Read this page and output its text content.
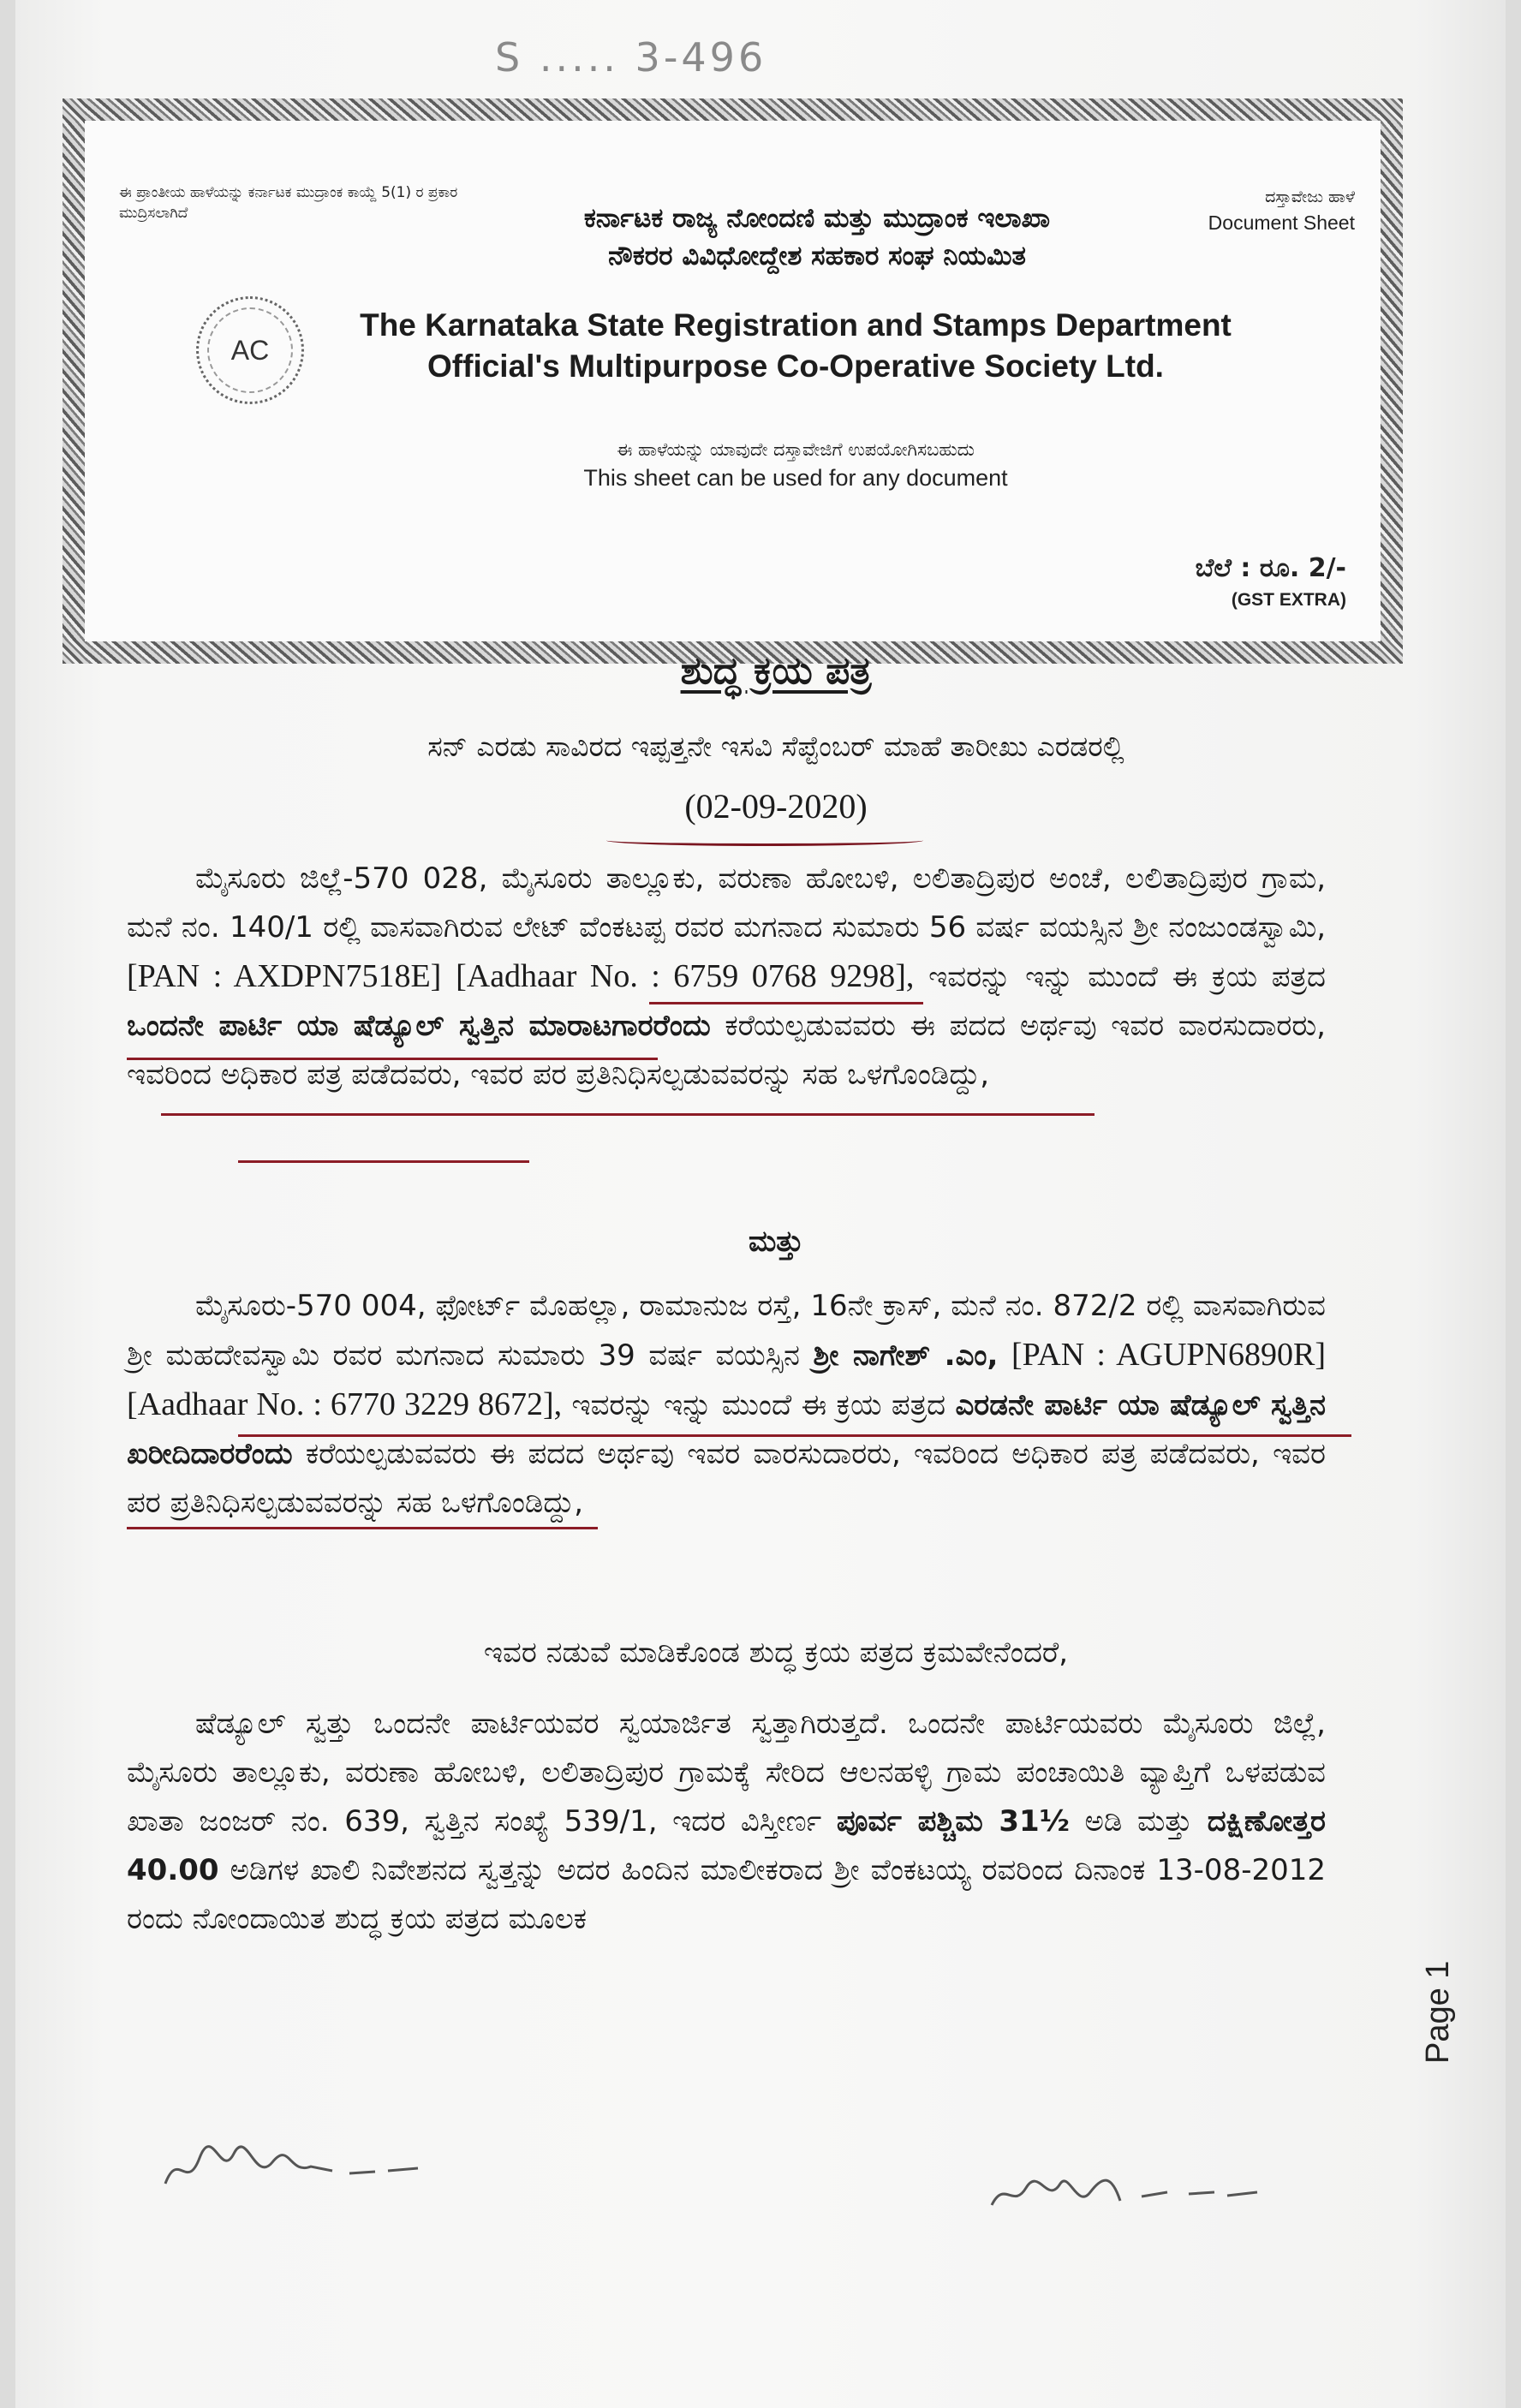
S ..... 3-496
ಈ ಪ್ರಾಂತೀಯ ಹಾಳೆಯನ್ನು ಕರ್ನಾಟಕ ಮುದ್ರಾಂಕ ಕಾಯ್ದೆ 5(1) ರ ಪ್ರಕಾರ ಮುದ್ರಿಸಲಾಗಿದೆ	ಕರ್ನಾಟಕ ರಾಜ್ಯ ನೋಂದಣಿ ಮತ್ತು ಮುದ್ರಾಂಕ ಇಲಾಖಾ
ನೌಕರರ ವಿವಿಧೋದ್ದೇಶ ಸಹಕಾರ ಸಂಘ ನಿಯಮಿತ
ದಸ್ತಾವೇಜು ಹಾಳೆ
Document Sheet
AC
The Karnataka State Registration and Stamps Department
Official's Multipurpose Co-Operative Society Ltd.
ಈ ಹಾಳೆಯನ್ನು ಯಾವುದೇ ದಸ್ತಾವೇಜಿಗೆ ಉಪಯೋಗಿಸಬಹುದು
This sheet can be used for any document
ಬೆಲೆ : ರೂ. 2/-
(GST EXTRA)
ಶುದ್ಧ ಕ್ರಯ ಪತ್ರ
ಸನ್ ಎರಡು ಸಾವಿರದ ಇಪ್ಪತ್ತನೇ ಇಸವಿ ಸೆಪ್ಟೆಂಬರ್ ಮಾಹೆ ತಾರೀಖು ಎರಡರಲ್ಲಿ
(02-09-2020)
ಮೈಸೂರು ಜಿಲ್ಲೆ-570 028, ಮೈಸೂರು ತಾಲ್ಲೂಕು, ವರುಣಾ ಹೋಬಳಿ, ಲಲಿತಾದ್ರಿಪುರ ಅಂಚೆ, ಲಲಿತಾದ್ರಿಪುರ ಗ್ರಾಮ, ಮನೆ ನಂ. 140/1 ರಲ್ಲಿ ವಾಸವಾಗಿರುವ ಲೇಟ್ ವೆಂಕಟಪ್ಪ ರವರ ಮಗನಾದ ಸುಮಾರು 56 ವರ್ಷ ವಯಸ್ಸಿನ ಶ್ರೀ ನಂಜುಂಡಸ್ವಾಮಿ, [PAN : AXDPN7518E] [Aadhaar No. : 6759 0768 9298], ಇವರನ್ನು ಇನ್ನು ಮುಂದೆ ಈ ಕ್ರಯ ಪತ್ರದ ಒಂದನೇ ಪಾರ್ಟಿ ಯಾ ಷೆಡ್ಯೂಲ್ ಸ್ವತ್ತಿನ ಮಾರಾಟಗಾರರೆಂದು ಕರೆಯಲ್ಪಡುವವರು ಈ ಪದದ ಅರ್ಥವು ಇವರ ವಾರಸುದಾರರು, ಇವರಿಂದ ಅಧಿಕಾರ ಪತ್ರ ಪಡೆದವರು, ಇವರ ಪರ ಪ್ರತಿನಿಧಿಸಲ್ಪಡುವವರನ್ನು ಸಹ ಒಳಗೊಂಡಿದ್ದು,
ಮತ್ತು
ಮೈಸೂರು-570 004, ಫೋರ್ಟ್ ಮೊಹಲ್ಲಾ, ರಾಮಾನುಜ ರಸ್ತೆ, 16ನೇ ಕ್ರಾಸ್, ಮನೆ ನಂ. 872/2 ರಲ್ಲಿ ವಾಸವಾಗಿರುವ ಶ್ರೀ ಮಹದೇವಸ್ವಾಮಿ ರವರ ಮಗನಾದ ಸುಮಾರು 39 ವರ್ಷ ವಯಸ್ಸಿನ ಶ್ರೀ ನಾಗೇಶ್ .ಎಂ, [PAN : AGUPN6890R] [Aadhaar No. : 6770 3229 8672], ಇವರನ್ನು ಇನ್ನು ಮುಂದೆ ಈ ಕ್ರಯ ಪತ್ರದ ಎರಡನೇ ಪಾರ್ಟಿ ಯಾ ಷೆಡ್ಯೂಲ್ ಸ್ವತ್ತಿನ ಖರೀದಿದಾರರೆಂದು ಕರೆಯಲ್ಪಡುವವರು ಈ ಪದದ ಅರ್ಥವು ಇವರ ವಾರಸುದಾರರು, ಇವರಿಂದ ಅಧಿಕಾರ ಪತ್ರ ಪಡೆದವರು, ಇವರ ಪರ ಪ್ರತಿನಿಧಿಸಲ್ಪಡುವವರನ್ನು ಸಹ ಒಳಗೊಂಡಿದ್ದು,
ಇವರ ನಡುವೆ ಮಾಡಿಕೊಂಡ ಶುದ್ಧ ಕ್ರಯ ಪತ್ರದ ಕ್ರಮವೇನೆಂದರೆ,
ಷೆಡ್ಯೂಲ್ ಸ್ವತ್ತು ಒಂದನೇ ಪಾರ್ಟಿಯವರ ಸ್ವಯಾರ್ಜಿತ ಸ್ವತ್ತಾಗಿರುತ್ತದೆ. ಒಂದನೇ ಪಾರ್ಟಿಯವರು ಮೈಸೂರು ಜಿಲ್ಲೆ, ಮೈಸೂರು ತಾಲ್ಲೂಕು, ವರುಣಾ ಹೋಬಳಿ, ಲಲಿತಾದ್ರಿಪುರ ಗ್ರಾಮಕ್ಕೆ ಸೇರಿದ ಆಲನಹಳ್ಳಿ ಗ್ರಾಮ ಪಂಚಾಯಿತಿ ವ್ಯಾಪ್ತಿಗೆ ಒಳಪಡುವ ಖಾತಾ ಜಂಜರ್ ನಂ. 639, ಸ್ವತ್ತಿನ ಸಂಖ್ಯೆ 539/1, ಇದರ ವಿಸ್ತೀರ್ಣ ಪೂರ್ವ ಪಶ್ಚಿಮ 31½ ಅಡಿ ಮತ್ತು ದಕ್ಷಿಣೋತ್ತರ 40.00 ಅಡಿಗಳ ಖಾಲಿ ನಿವೇಶನದ ಸ್ವತ್ತನ್ನು ಅದರ ಹಿಂದಿನ ಮಾಲೀಕರಾದ ಶ್ರೀ ವೆಂಕಟಯ್ಯ ರವರಿಂದ ದಿನಾಂಕ 13-08-2012 ರಂದು ನೋಂದಾಯಿತ ಶುದ್ಧ ಕ್ರಯ ಪತ್ರದ ಮೂಲಕ
Page 1
